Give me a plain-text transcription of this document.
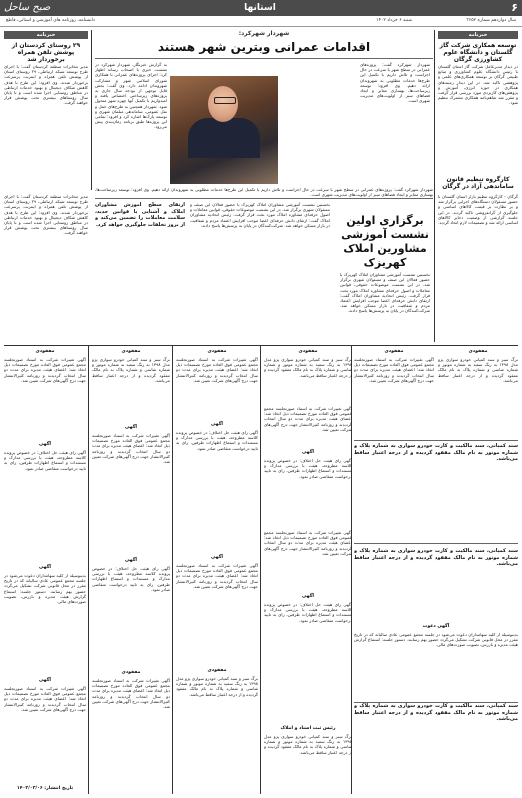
۶
استانها
صبح ساحل
سال دوازدهم شماره ۳۶۵۲
شنبه ۶ خرداد ۱۴۰۲
دانشنامه، روزنامه هاي آموزشي و استاني، قاطع
خبرنامه
توسعه همکاری شرکت گاز گلستان و دانشگاه علوم کشاورزی گرگان
در دیدار مدیرعامل شرکت گاز استان گلستان با رئیس دانشگاه علوم کشاورزی و منابع طبیعی گرگان بر توسعه همکاری‌های علمی و پژوهشی تاکید شد. در این دیدار زمینه‌های همکاری در حوزه انرژی، آموزش و پژوهش‌های کاربردی مورد بررسی قرار گرفت و مقرر شد تفاهم‌نامه همکاری مشترک تنظیم شود.
کارگروه تنظیم قانون ساماندهی آزاد در گرگان
گرگان - کارگروه تنظیم بازار استان گلستان با حضور مسئولان دستگاه‌های اجرایی برگزار شد و بر نظارت بر قیمت کالاهای اساسی و جلوگیری از گرانفروشی تاکید گردید. در این جلسه گزارشی از وضعیت ذخایر کالاهای اساسی ارائه شد و تصمیمات لازم اتخاذ گردید.
خبرنامه
۲۹ روستای کردستان از پوشش تلفن همراه برخوردار شد
مدیر مخابرات منطقه کردستان گفت: با اجرای طرح توسعه شبکه ارتباطی، ۲۹ روستای استان از پوشش تلفن همراه و اینترنت پرسرعت برخوردار شدند. وی افزود: این طرح با هدف کاهش شکاف دیجیتال و بهبود خدمات ارتباطی در مناطق روستایی اجرا شده است و تا پایان سال روستاهای بیشتری تحت پوشش قرار خواهند گرفت.
شهردار شهرکرد:
اقدامات عمرانی وبترین شهر هستند
شهردار شهرکرد گفت: پروژه‌های عمرانی در سطح شهر با سرعت در حال اجراست و تلاش داریم با تکمیل این طرح‌ها خدمات مطلوبی به شهروندان ارائه دهیم. وی افزود: توسعه زیرساخت‌ها، بهسازی معابر و ایجاد فضاهای سبز از اولویت‌های مدیریت شهری است.
به گزارش خبرنگار، شهردار شهرکرد در نشست خبری با اصحاب رسانه اظهار کرد: اجرای پروژه‌های عمرانی با همکاری شورای اسلامی شهر و مشارکت شهروندان ادامه دارد. وی گفت: بخش قابل توجهی از بودجه سال جاری به پروژه‌های زیرساختی اختصاص یافته و امیدواریم با تکمیل آنها چهره شهر متحول شود. شهردار همچنین به طرح‌های حمل و نقل عمومی، ساماندهی مبلمان شهری و توسعه پارک‌ها اشاره کرد و افزود: تمامی این پروژه‌ها طبق برنامه زمان‌بندی پیش می‌رود.
شهردار شهرکرد گفت: پروژه‌های عمرانی در سطح شهر با سرعت در حال اجراست و تلاش داریم با تکمیل این طرح‌ها خدمات مطلوبی به شهروندان ارائه دهیم. وی افزود: توسعه زیرساخت‌ها، بهسازی معابر و ایجاد فضاهای سبز از اولویت‌های مدیریت شهری است.
برگزاری اولین نشست آموزشی مشاورین املاک کهریزک
نخستین نشست آموزشی مشاوران املاک کهریزک با حضور فعالان این صنف و مسئولان شهری برگزار شد. در این نشست موضوعات حقوقی، قوانین معاملات و اصول حرفه‌ای مشاوره املاک مورد بحث قرار گرفت. رئیس اتحادیه مشاوران املاک گفت: ارتقای دانش حرفه‌ای اعضا موجب افزایش اعتماد مردم و شفافیت در بازار مسکن خواهد شد. شرکت‌کنندگان در پایان به پرسش‌ها پاسخ دادند.
نخستین نشست آموزشی مشاوران املاک کهریزک با حضور فعالان این صنف و مسئولان شهری برگزار شد. در این نشست موضوعات حقوقی، قوانین معاملات و اصول حرفه‌ای مشاوره املاک مورد بحث قرار گرفت. رئیس اتحادیه مشاوران املاک گفت: ارتقای دانش حرفه‌ای اعضا موجب افزایش اعتماد مردم و شفافیت در بازار مسکن خواهد شد. شرکت‌کنندگان در پایان به پرسش‌ها پاسخ دادند.
ارتقای سطح آموزش مشاوران املاک و آشنایی با قوانین جدید، سلامت معاملات را تضمین می‌کند و از بروز تخلفات جلوگیری خواهد کرد.
مدیر مخابرات منطقه کردستان گفت: با اجرای طرح توسعه شبکه ارتباطی، ۲۹ روستای استان از پوشش تلفن همراه و اینترنت پرسرعت برخوردار شدند. وی افزود: این طرح با هدف کاهش شکاف دیجیتال و بهبود خدمات ارتباطی در مناطق روستایی اجرا شده است و تا پایان سال روستاهای بیشتری تحت پوشش قرار خواهند گرفت.
مفقودی
برگ سبز و سند کمپانی خودرو سواری پژو مدل ۱۳۹۸ به رنگ سفید به شماره موتور و شماره شاسی و شماره پلاک به نام مالک مفقود گردیده و از درجه اعتبار ساقط می‌باشد.
سند کمپانی، سند مالکیت و کارت خودرو سواری به شماره پلاک و شماره موتور به نام مالک مفقود گردیده و از درجه اعتبار ساقط می‌باشد.
سند کمپانی، سند مالکیت و کارت خودرو سواری به شماره پلاک و شماره موتور به نام مالک مفقود گردیده و از درجه اعتبار ساقط می‌باشد.
آگهی دعوت
بدینوسیله از کلیه سهامداران دعوت می‌شود در جلسه مجمع عمومی عادی سالیانه که در تاریخ مقرر در محل قانونی شرکت تشکیل می‌گردد حضور بهم رسانند. دستور جلسه: استماع گزارش هیئت مدیره و بازرس، تصویب صورت‌های مالی.
سند کمپانی، سند مالکیت و کارت خودرو سواری به شماره پلاک و شماره موتور به نام مالک مفقود گردیده و از درجه اعتبار ساقط می‌باشد.
مفقودی
آگهی تغییرات شرکت به استناد صورتجلسه مجمع عمومی فوق العاده مورخ تصمیمات ذیل اتخاذ شد: اعضای هیئت مدیره برای مدت دو سال انتخاب گردیدند و روزنامه کثیرالانتشار جهت درج آگهی‌های شرکت تعیین شد.
مفقودی
برگ سبز و سند کمپانی خودرو سواری پژو مدل ۱۳۹۸ به رنگ سفید به شماره موتور و شماره شاسی و شماره پلاک به نام مالک مفقود گردیده و از درجه اعتبار ساقط می‌باشد.
آگهی تغییرات شرکت به استناد صورتجلسه مجمع عمومی فوق العاده مورخ تصمیمات ذیل اتخاذ شد: اعضای هیئت مدیره برای مدت دو سال انتخاب گردیدند و روزنامه کثیرالانتشار جهت درج آگهی‌های شرکت تعیین شد.
آگهی
آگهی رای هیئت حل اختلاف: در خصوص پرونده کلاسه مطروحه، هیئت با بررسی مدارک و مستندات و استماع اظهارات طرفین، رای به تایید درخواست متقاضی صادر نمود.
آگهی تغییرات شرکت به استناد صورتجلسه مجمع عمومی فوق العاده مورخ تصمیمات ذیل اتخاذ شد: اعضای هیئت مدیره برای مدت دو سال انتخاب گردیدند و روزنامه کثیرالانتشار جهت درج آگهی‌های شرکت تعیین شد.
آگهی
آگهی رای هیئت حل اختلاف: در خصوص پرونده کلاسه مطروحه، هیئت با بررسی مدارک و مستندات و استماع اظهارات طرفین، رای به تایید درخواست متقاضی صادر نمود.
رئیس ثبت اسناد و املاک
برگ سبز و سند کمپانی خودرو سواری پژو مدل ۱۳۹۸ به رنگ سفید به شماره موتور و شماره شاسی و شماره پلاک به نام مالک مفقود گردیده و از درجه اعتبار ساقط می‌باشد.
مفقودی
آگهی تغییرات شرکت به استناد صورتجلسه مجمع عمومی فوق العاده مورخ تصمیمات ذیل اتخاذ شد: اعضای هیئت مدیره برای مدت دو سال انتخاب گردیدند و روزنامه کثیرالانتشار جهت درج آگهی‌های شرکت تعیین شد.
آگهی
آگهی رای هیئت حل اختلاف: در خصوص پرونده کلاسه مطروحه، هیئت با بررسی مدارک و مستندات و استماع اظهارات طرفین، رای به تایید درخواست متقاضی صادر نمود.
آگهی
آگهی تغییرات شرکت به استناد صورتجلسه مجمع عمومی فوق العاده مورخ تصمیمات ذیل اتخاذ شد: اعضای هیئت مدیره برای مدت دو سال انتخاب گردیدند و روزنامه کثیرالانتشار جهت درج آگهی‌های شرکت تعیین شد.
مفقودی
برگ سبز و سند کمپانی خودرو سواری پژو مدل ۱۳۹۸ به رنگ سفید به شماره موتور و شماره شاسی و شماره پلاک به نام مالک مفقود گردیده و از درجه اعتبار ساقط می‌باشد.
مفقودی
برگ سبز و سند کمپانی خودرو سواری پژو مدل ۱۳۹۸ به رنگ سفید به شماره موتور و شماره شاسی و شماره پلاک به نام مالک مفقود گردیده و از درجه اعتبار ساقط می‌باشد.
آگهی
آگهی تغییرات شرکت به استناد صورتجلسه مجمع عمومی فوق العاده مورخ تصمیمات ذیل اتخاذ شد: اعضای هیئت مدیره برای مدت دو سال انتخاب گردیدند و روزنامه کثیرالانتشار جهت درج آگهی‌های شرکت تعیین شد.
آگهی
آگهی رای هیئت حل اختلاف: در خصوص پرونده کلاسه مطروحه، هیئت با بررسی مدارک و مستندات و استماع اظهارات طرفین، رای به تایید درخواست متقاضی صادر نمود.
مفقودی
آگهی تغییرات شرکت به استناد صورتجلسه مجمع عمومی فوق العاده مورخ تصمیمات ذیل اتخاذ شد: اعضای هیئت مدیره برای مدت دو سال انتخاب گردیدند و روزنامه کثیرالانتشار جهت درج آگهی‌های شرکت تعیین شد.
مفقودی
آگهی تغییرات شرکت به استناد صورتجلسه مجمع عمومی فوق العاده مورخ تصمیمات ذیل اتخاذ شد: اعضای هیئت مدیره برای مدت دو سال انتخاب گردیدند و روزنامه کثیرالانتشار جهت درج آگهی‌های شرکت تعیین شد.
آگهی
آگهی رای هیئت حل اختلاف: در خصوص پرونده کلاسه مطروحه، هیئت با بررسی مدارک و مستندات و استماع اظهارات طرفین، رای به تایید درخواست متقاضی صادر نمود.
آگهی
بدینوسیله از کلیه سهامداران دعوت می‌شود در جلسه مجمع عمومی عادی سالیانه که در تاریخ مقرر در محل قانونی شرکت تشکیل می‌گردد حضور بهم رسانند. دستور جلسه: استماع گزارش هیئت مدیره و بازرس، تصویب صورت‌های مالی.
آگهی
آگهی تغییرات شرکت به استناد صورتجلسه مجمع عمومی فوق العاده مورخ تصمیمات ذیل اتخاذ شد: اعضای هیئت مدیره برای مدت دو سال انتخاب گردیدند و روزنامه کثیرالانتشار جهت درج آگهی‌های شرکت تعیین شد.
تاریخ انتشار: ۱۴۰۲/۰۳/۰۶
